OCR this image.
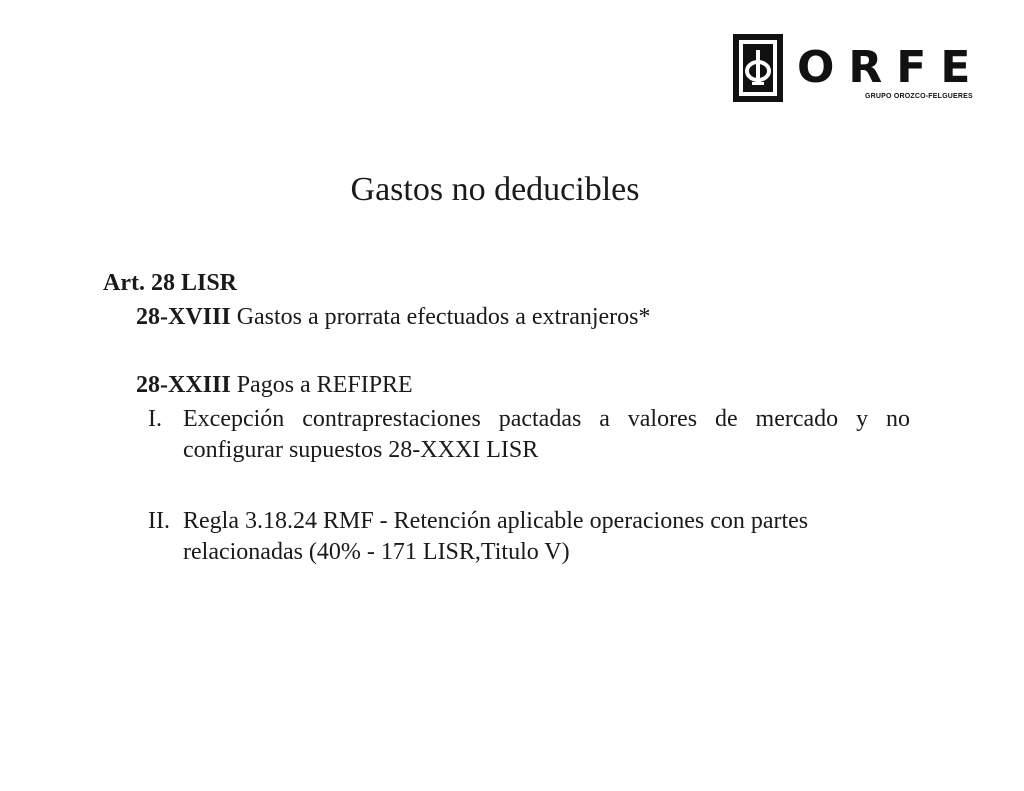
ORFE
GRUPO OROZCO-FELGUERES
Gastos no deducibles
Art. 28 LISR
28-XVIII Gastos a prorrata efectuados a extranjeros*
28-XXIII Pagos a REFIPRE
I. Excepción contraprestaciones pactadas a valores de mercado y no configurar supuestos 28-XXXI LISR
II. Regla 3.18.24 RMF - Retención aplicable operaciones con partes relacionadas (40% - 171 LISR,Titulo V)
